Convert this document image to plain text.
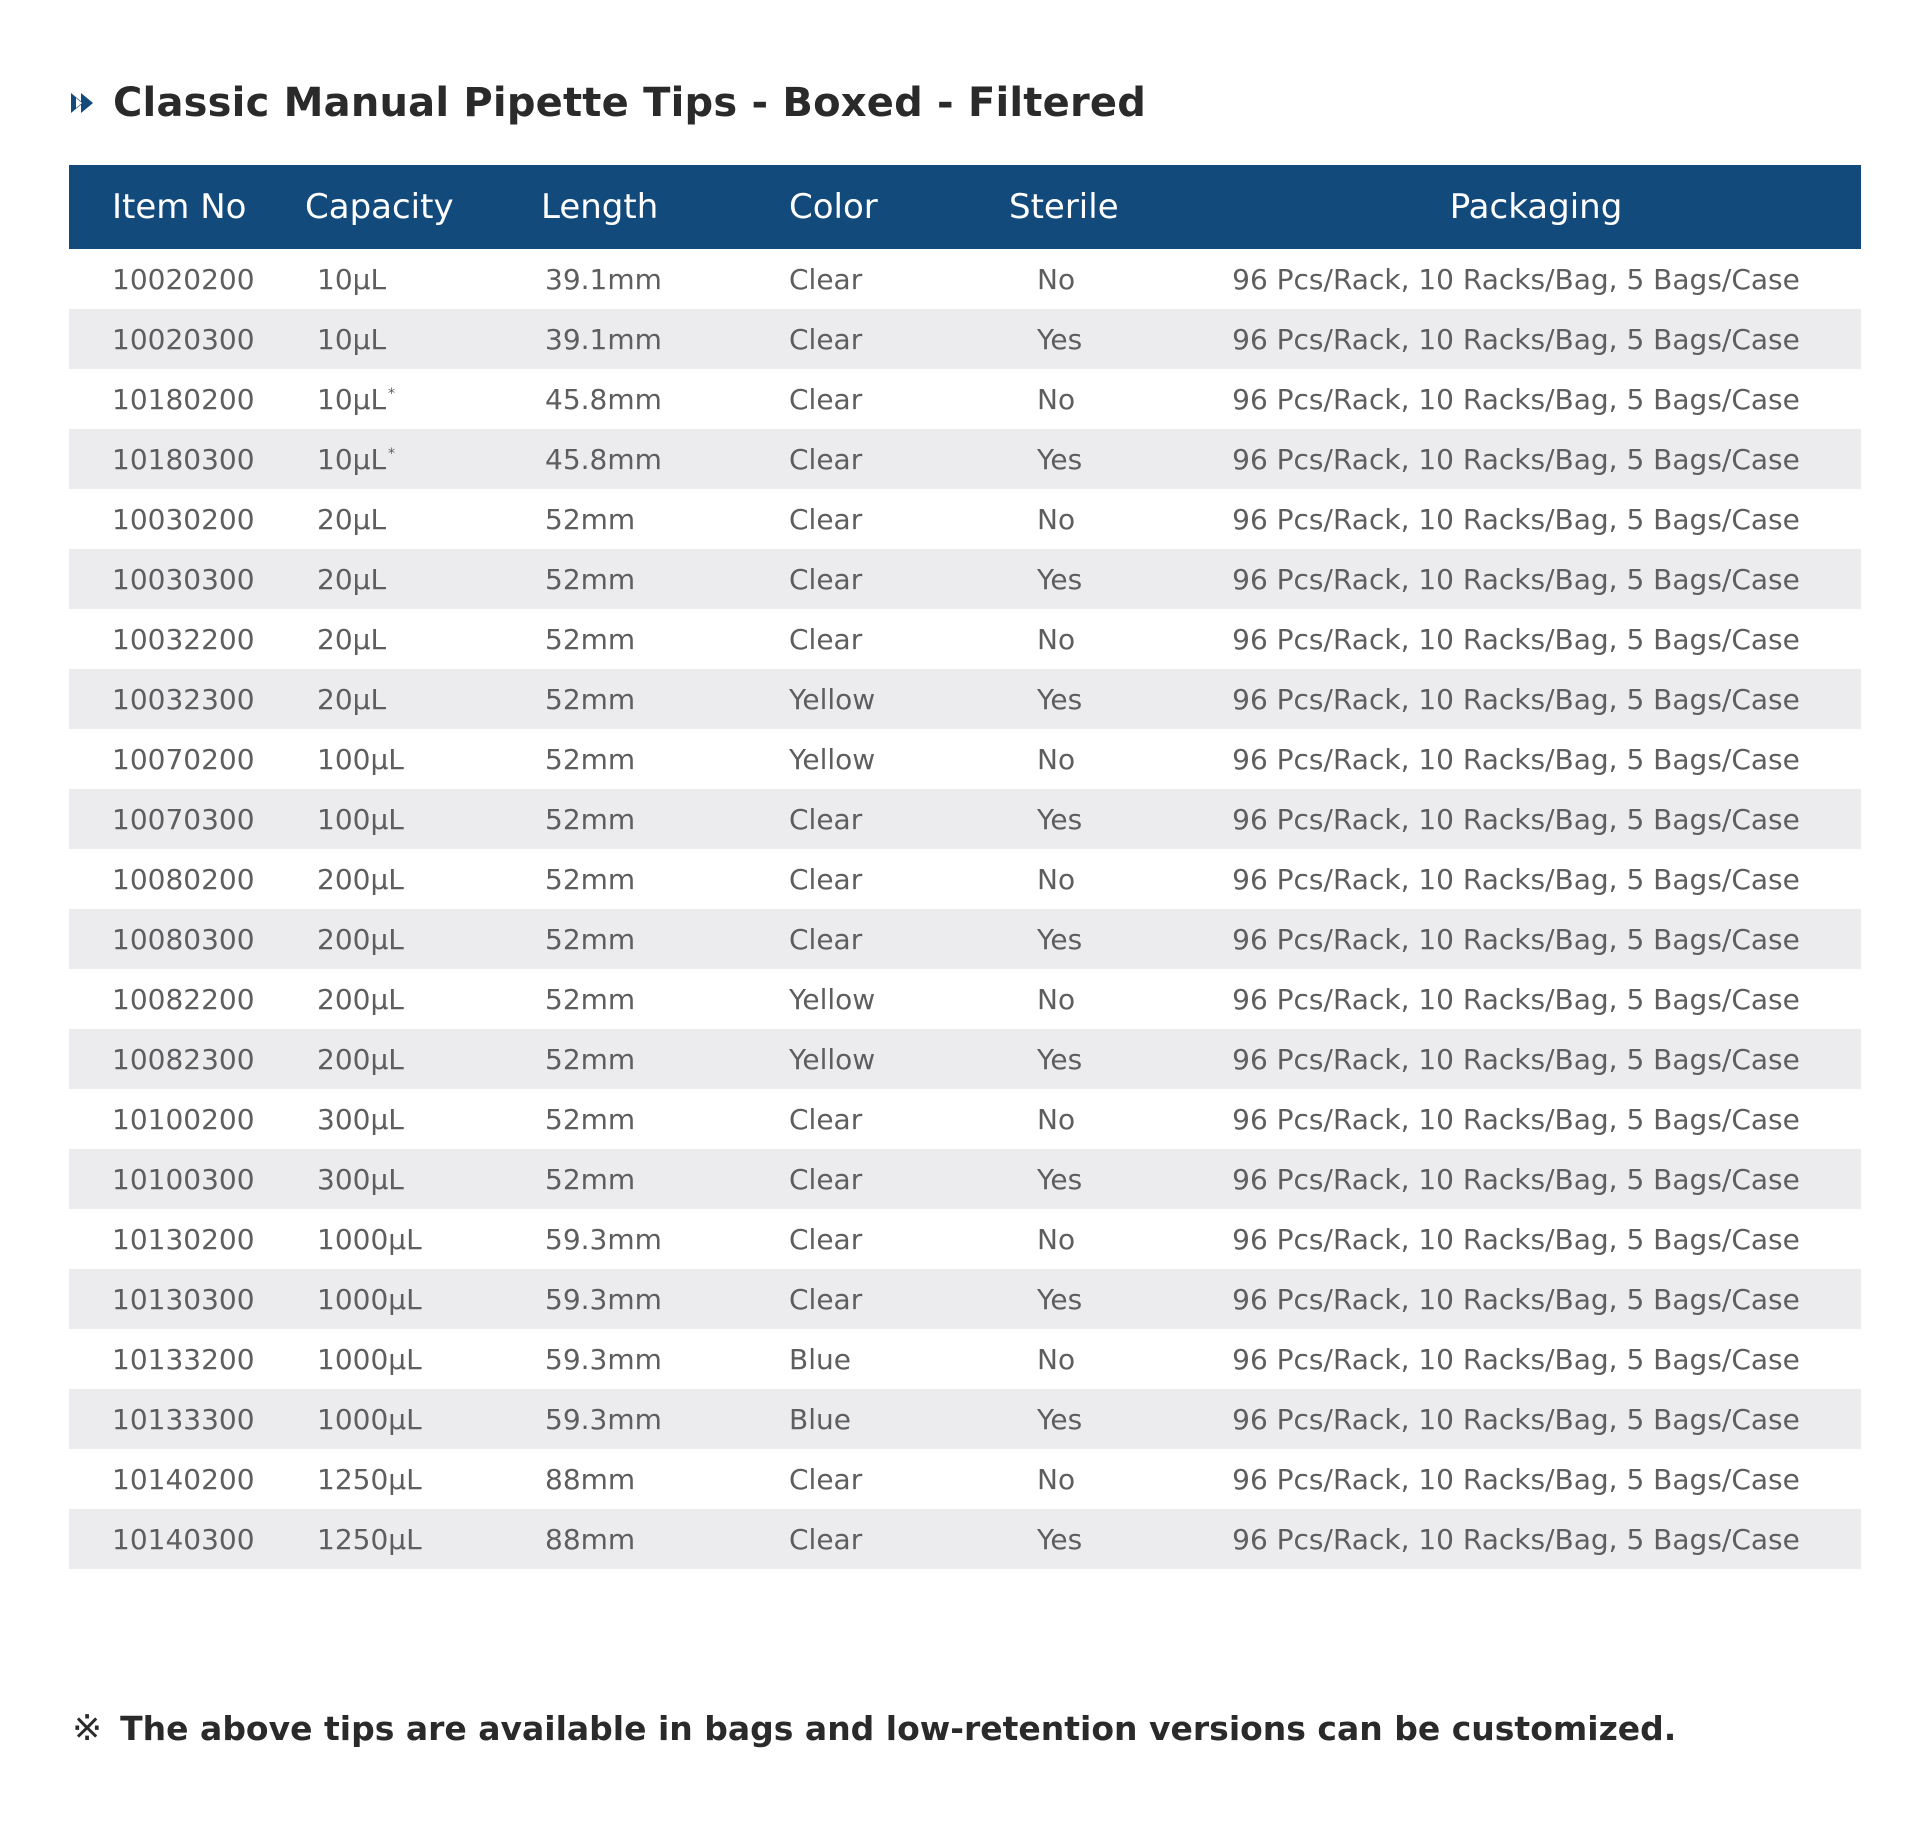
Classic Manual Pipette Tips - Boxed - Filtered
Item No	Capacity	Length	Color	Sterile	Packaging
10020200	10μL	39.1mm	Clear	No	96 Pcs/Rack, 10 Racks/Bag, 5 Bags/Case
10020300	10μL	39.1mm	Clear	Yes	96 Pcs/Rack, 10 Racks/Bag, 5 Bags/Case
10180200	10μL *	45.8mm	Clear	No	96 Pcs/Rack, 10 Racks/Bag, 5 Bags/Case
10180300	10μL *	45.8mm	Clear	Yes	96 Pcs/Rack, 10 Racks/Bag, 5 Bags/Case
10030200	20μL	52mm	Clear	No	96 Pcs/Rack, 10 Racks/Bag, 5 Bags/Case
10030300	20μL	52mm	Clear	Yes	96 Pcs/Rack, 10 Racks/Bag, 5 Bags/Case
10032200	20μL	52mm	Clear	No	96 Pcs/Rack, 10 Racks/Bag, 5 Bags/Case
10032300	20μL	52mm	Yellow	Yes	96 Pcs/Rack, 10 Racks/Bag, 5 Bags/Case
10070200	100μL	52mm	Yellow	No	96 Pcs/Rack, 10 Racks/Bag, 5 Bags/Case
10070300	100μL	52mm	Clear	Yes	96 Pcs/Rack, 10 Racks/Bag, 5 Bags/Case
10080200	200μL	52mm	Clear	No	96 Pcs/Rack, 10 Racks/Bag, 5 Bags/Case
10080300	200μL	52mm	Clear	Yes	96 Pcs/Rack, 10 Racks/Bag, 5 Bags/Case
10082200	200μL	52mm	Yellow	No	96 Pcs/Rack, 10 Racks/Bag, 5 Bags/Case
10082300	200μL	52mm	Yellow	Yes	96 Pcs/Rack, 10 Racks/Bag, 5 Bags/Case
10100200	300μL	52mm	Clear	No	96 Pcs/Rack, 10 Racks/Bag, 5 Bags/Case
10100300	300μL	52mm	Clear	Yes	96 Pcs/Rack, 10 Racks/Bag, 5 Bags/Case
10130200	1000μL	59.3mm	Clear	No	96 Pcs/Rack, 10 Racks/Bag, 5 Bags/Case
10130300	1000μL	59.3mm	Clear	Yes	96 Pcs/Rack, 10 Racks/Bag, 5 Bags/Case
10133200	1000μL	59.3mm	Blue	No	96 Pcs/Rack, 10 Racks/Bag, 5 Bags/Case
10133300	1000μL	59.3mm	Blue	Yes	96 Pcs/Rack, 10 Racks/Bag, 5 Bags/Case
10140200	1250μL	88mm	Clear	No	96 Pcs/Rack, 10 Racks/Bag, 5 Bags/Case
10140300	1250μL	88mm	Clear	Yes	96 Pcs/Rack, 10 Racks/Bag, 5 Bags/Case
※ The above tips are available in bags and low-retention versions can be customized.
